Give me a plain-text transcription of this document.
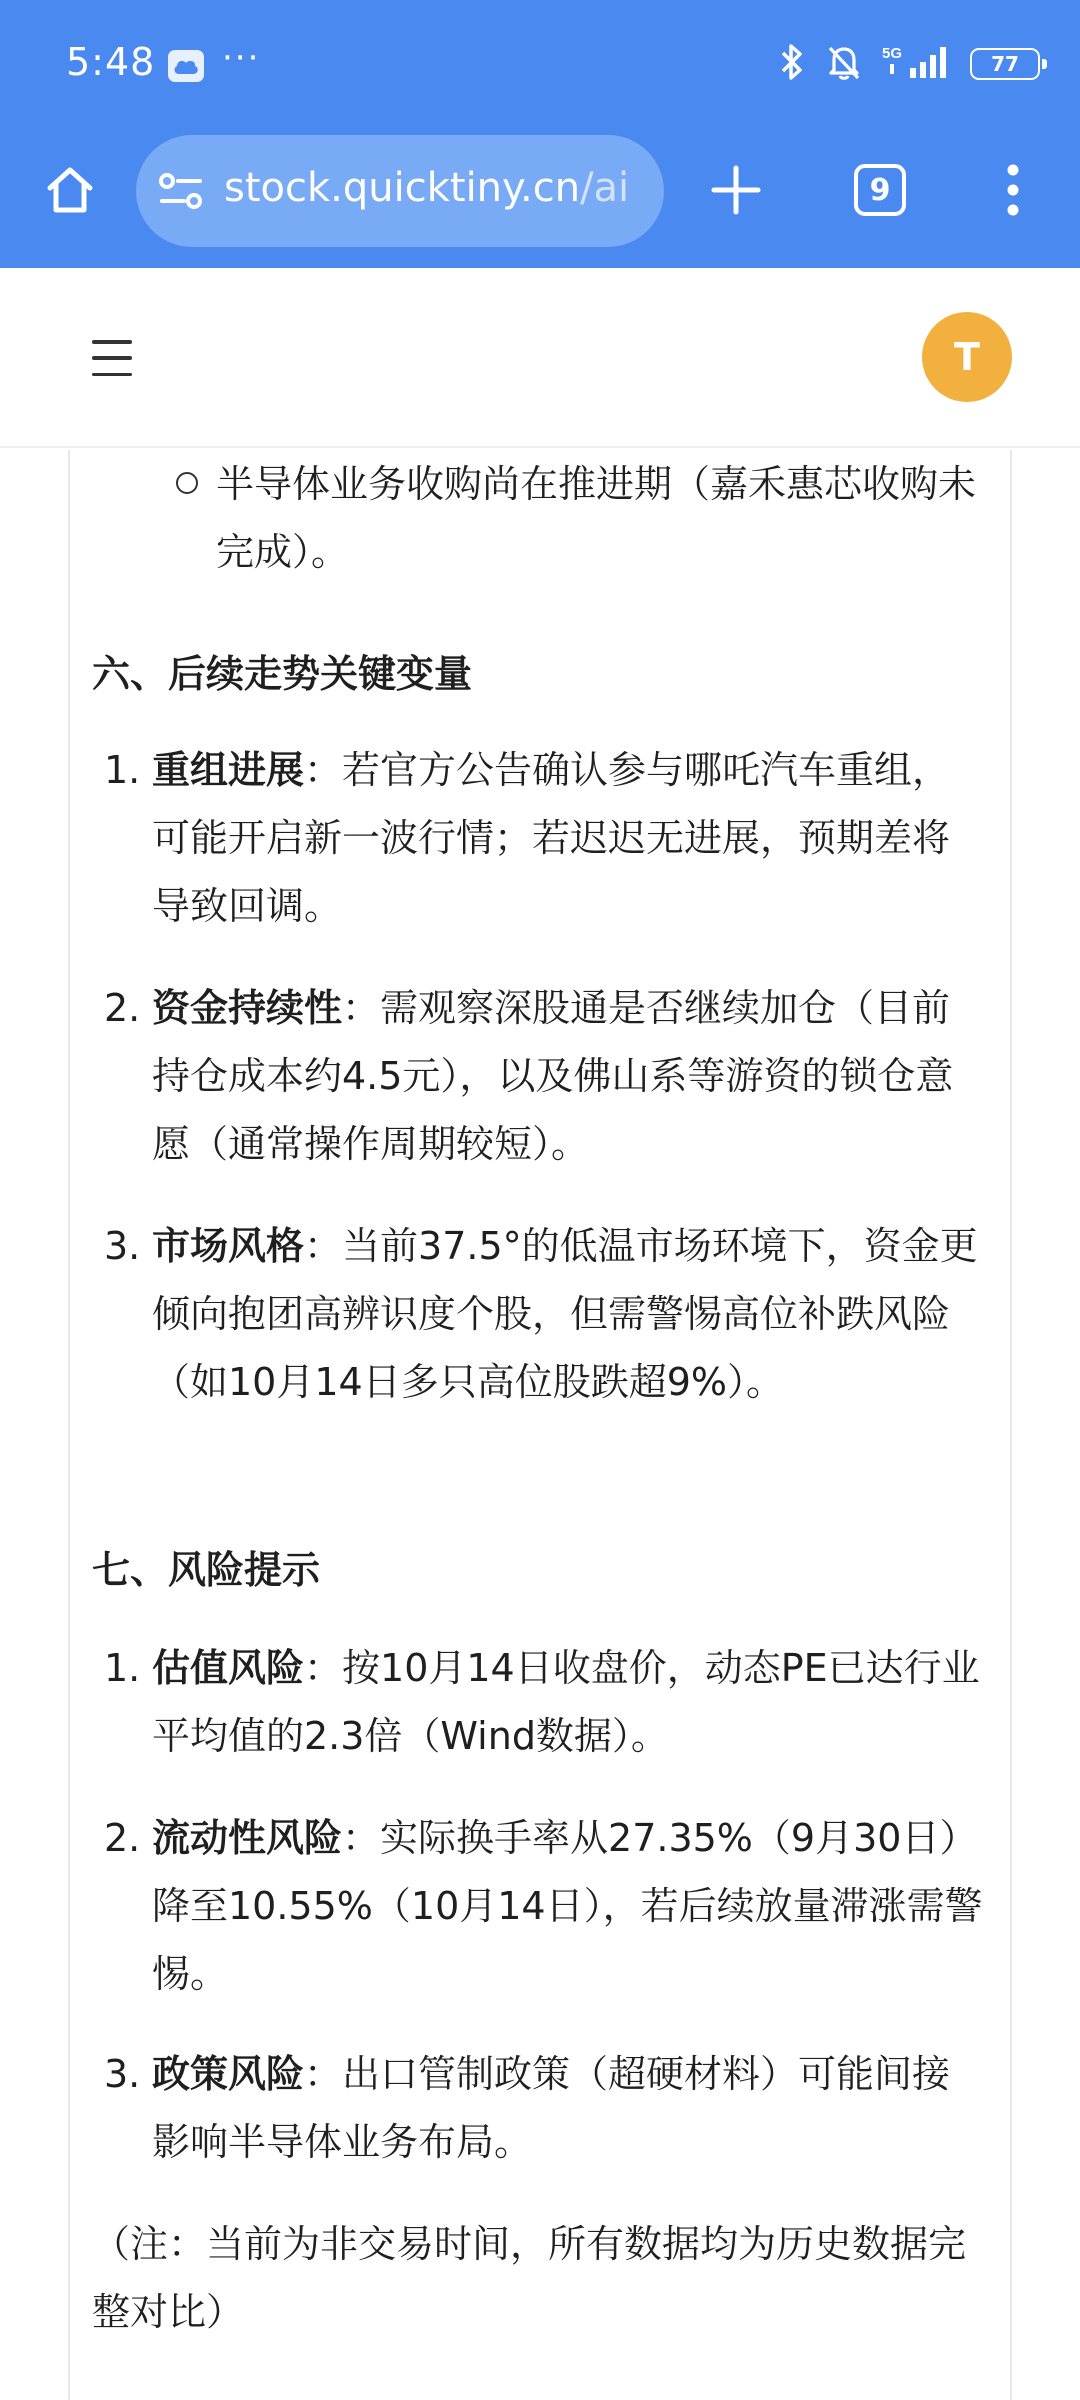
5:48 ···	5G	77
stock.quicktiny.cn/ai	9
T
半导体业务收购尚在推进期（嘉禾惠芯收购未完成）。
六、后续走势关键变量
1. 重组进展：若官方公告确认参与哪吒汽车重组，可能开启新一波行情；若迟迟无进展，预期差将导致回调。
2. 资金持续性：需观察深股通是否继续加仓（目前持仓成本约4.5元），以及佛山系等游资的锁仓意愿（通常操作周期较短）。
3. 市场风格：当前37.5°的低温市场环境下，资金更倾向抱团高辨识度个股，但需警惕高位补跌风险（如10月14日多只高位股跌超9%）。
七、风险提示
1. 估值风险：按10月14日收盘价，动态PE已达行业平均值的2.3倍（Wind数据）。
2. 流动性风险：实际换手率从27.35%（9月30日）降至10.55%（10月14日），若后续放量滞涨需警惕。
3. 政策风险：出口管制政策（超硬材料）可能间接影响半导体业务布局。
（注：当前为非交易时间，所有数据均为历史数据完整对比）
